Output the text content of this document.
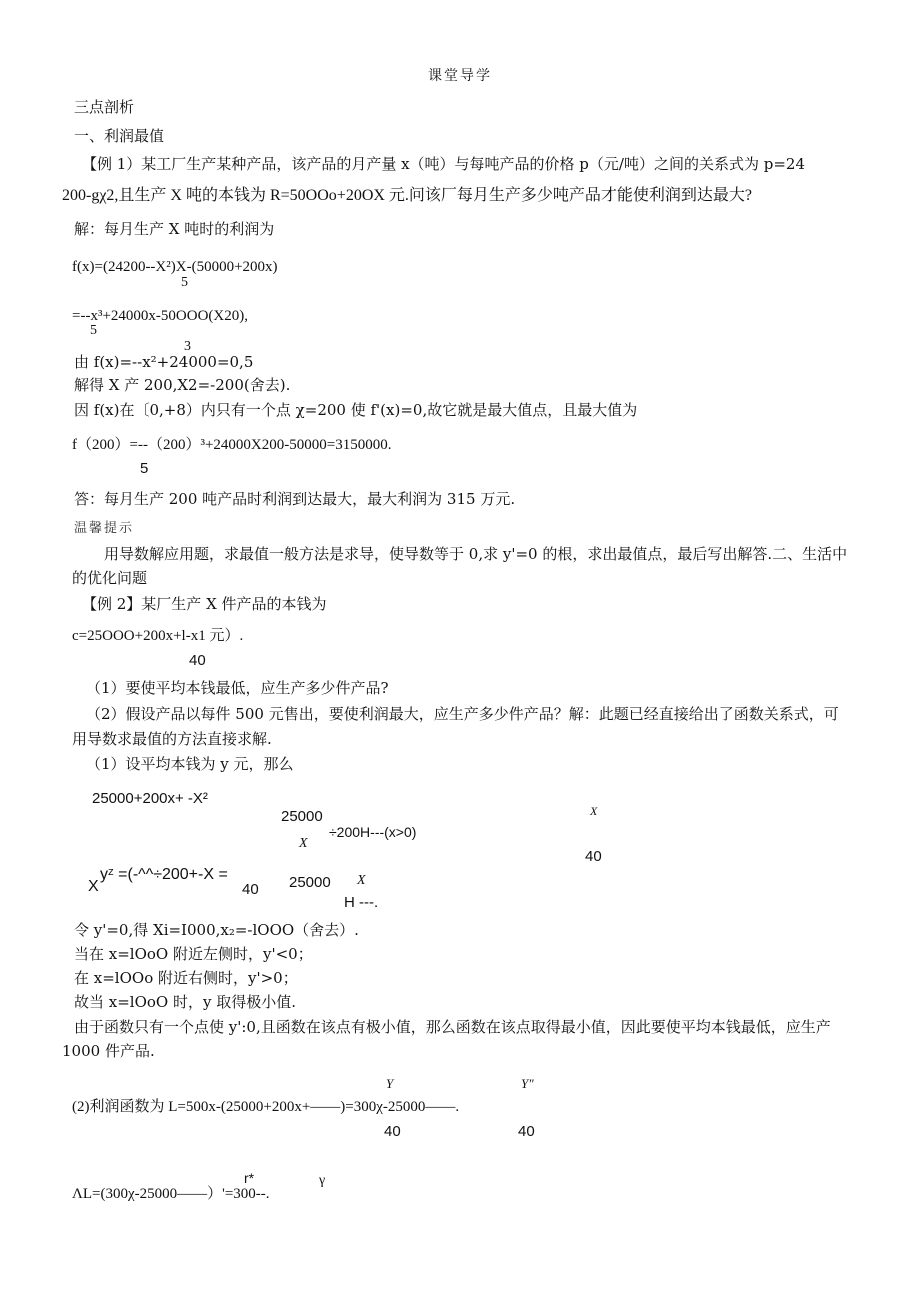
课堂导学
三点剖析
一、利润最值
【例 1）某工厂生产某种产品，该产品的月产量 x（吨）与每吨产品的价格 p（元/吨）之间的关系式为 p=24
200-gχ2,且生产 X 吨的本钱为 R=50OOo+20OX 元.问该厂每月生产多少吨产品才能使利润到达最大?
解：每月生产 X 吨时的利润为
f(x)=(24200--X²)X-(50000+200x)
5
=--x³+24000x-50OOO(X20),
5
3
由 f(x)=--x²+24000=0,5
解得 X 产 200,X2=-200(舍去).
因 f(x)在〔0,+8）内只有一个点 χ=200 使 f'(x)=0,故它就是最大值点，且最大值为
f（200）=--（200）³+24000X200-50000=3150000.
5
答：每月生产 200 吨产品时利润到达最大，最大利润为 315 万元.
温馨提示
用导数解应用题，求最值一般方法是求导，使导数等于 0,求 y'=0 的根，求出最值点，最后写出解答.二、生活中
的优化问题
【例 2】某厂生产 X 件产品的本钱为
c=25OOO+200x+l-x1 元）.
40
（1）要使平均本钱最低，应生产多少件产品?
（2）假设产品以每件 500 元售出，要使利润最大，应生产多少件产品？解：此题已经直接给出了函数关系式，可
用导数求最值的方法直接求解.
（1）设平均本钱为 y 元，那么
25000+200x+ -X²
X
25000
÷200H---(x>0)
X
40
X
yᶻ =(-^^÷200+-X =
40 25000 X
H ---.
令 y'=0,得 Xi=I000,x₂=-lOOO（舍去）.
当在 x=lOoO 附近左侧时，y'<0；
在 x=lOOo 附近右侧时，y'>0；
故当 x=lOoO 时，y 取得极小值.
由于函数只有一个点使 y':0,且函数在该点有极小值，那么函数在该点取得最小值，因此要使平均本钱最低，应生产
1000 件产品.
Y	Y″
(2)利润函数为 L=500x-(25000+200x+——)=300χ-25000——.
40	40
r*	γ
ΛL=(300χ-25000——）'=300--.
